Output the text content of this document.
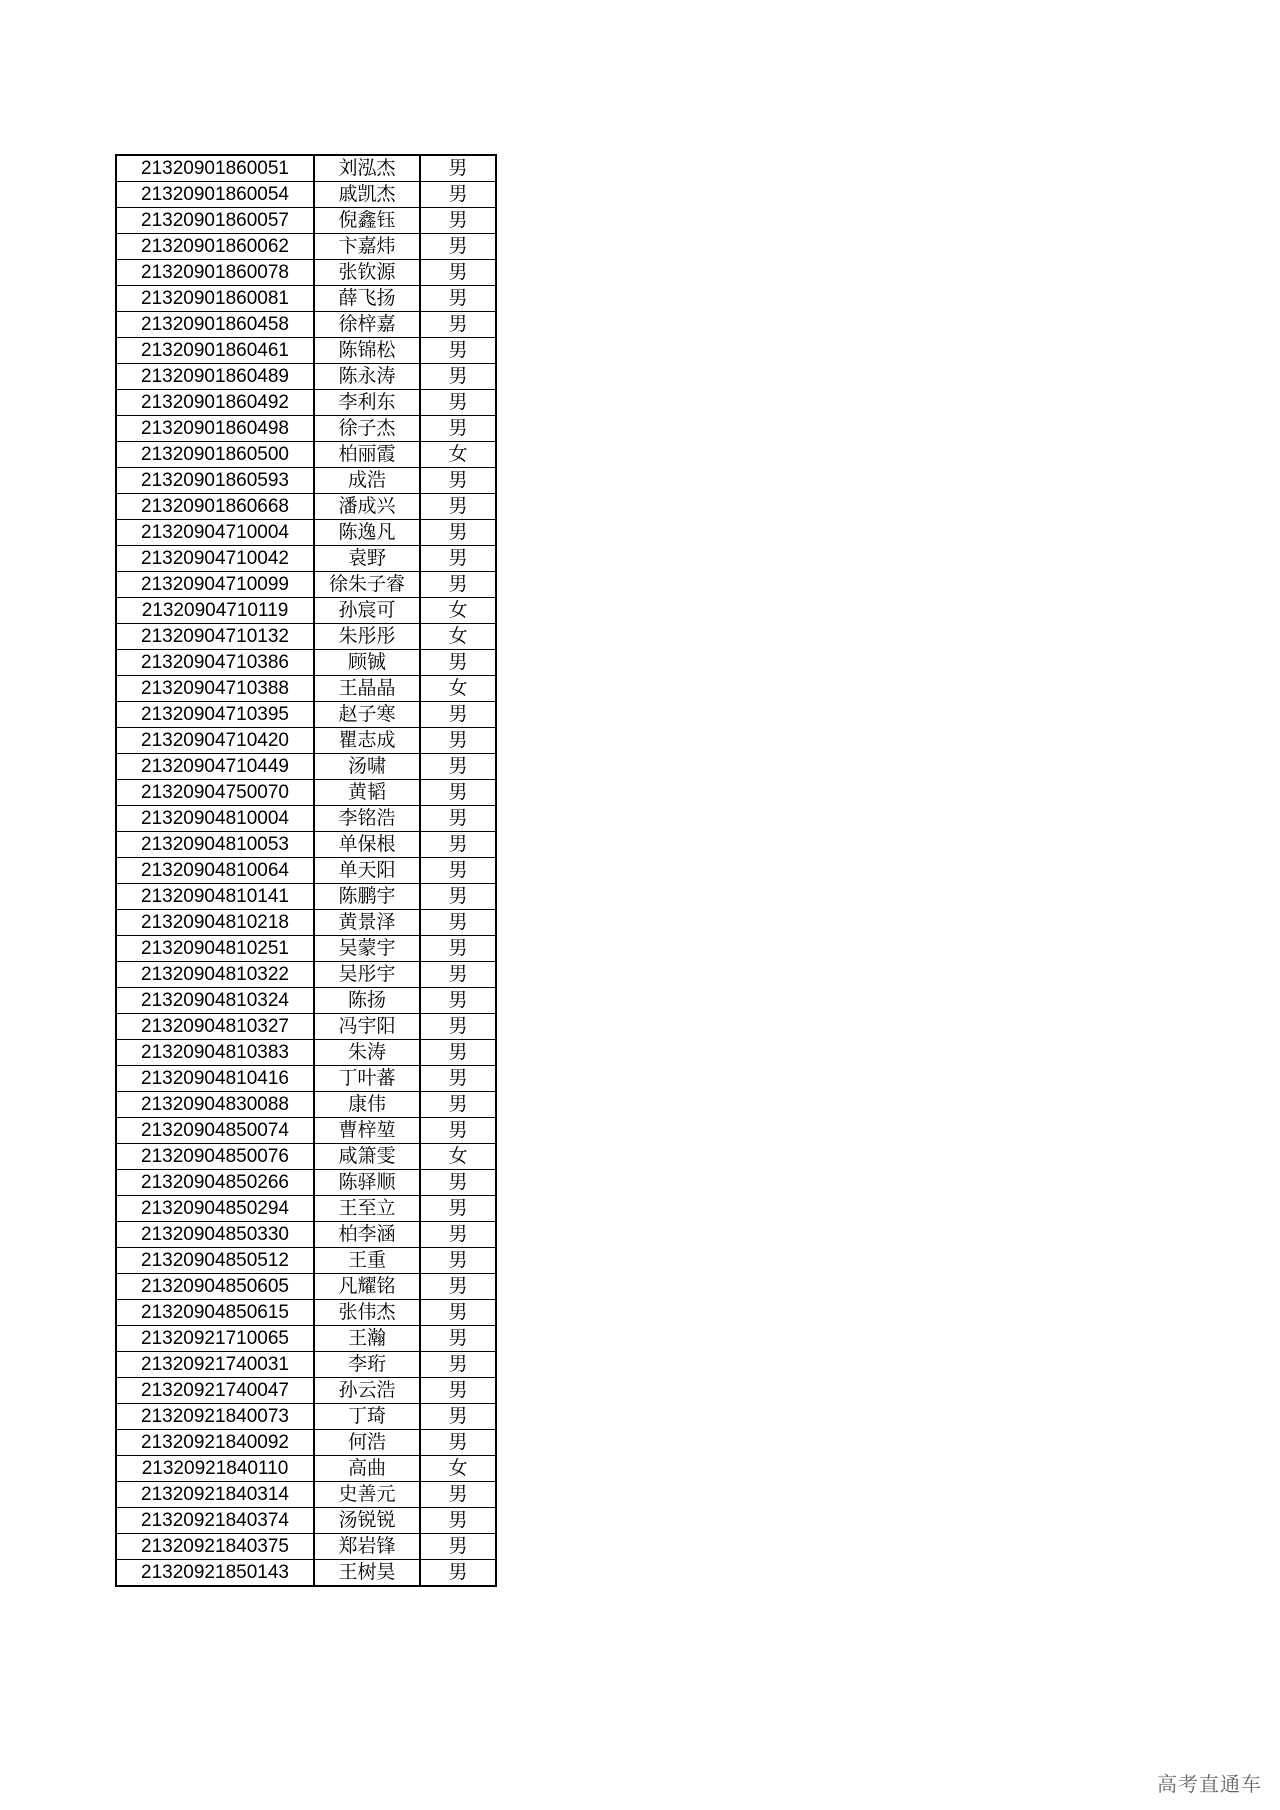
21320901860051	刘泓杰	男
21320901860054	戚凯杰	男
21320901860057	倪鑫钰	男
21320901860062	卞嘉炜	男
21320901860078	张钦源	男
21320901860081	薛飞扬	男
21320901860458	徐梓嘉	男
21320901860461	陈锦松	男
21320901860489	陈永涛	男
21320901860492	李利东	男
21320901860498	徐子杰	男
21320901860500	柏丽霞	女
21320901860593	成浩	男
21320901860668	潘成兴	男
21320904710004	陈逸凡	男
21320904710042	袁野	男
21320904710099	徐朱子睿	男
21320904710119	孙宸可	女
21320904710132	朱彤彤	女
21320904710386	顾铖	男
21320904710388	王晶晶	女
21320904710395	赵子寒	男
21320904710420	瞿志成	男
21320904710449	汤啸	男
21320904750070	黄韬	男
21320904810004	李铭浩	男
21320904810053	单保根	男
21320904810064	单天阳	男
21320904810141	陈鹏宇	男
21320904810218	黄景泽	男
21320904810251	吴蒙宇	男
21320904810322	吴彤宇	男
21320904810324	陈扬	男
21320904810327	冯宇阳	男
21320904810383	朱涛	男
21320904810416	丁叶蕃	男
21320904830088	康伟	男
21320904850074	曹梓堃	男
21320904850076	咸箫雯	女
21320904850266	陈驿顺	男
21320904850294	王至立	男
21320904850330	柏李涵	男
21320904850512	王重	男
21320904850605	凡耀铭	男
21320904850615	张伟杰	男
21320921710065	王瀚	男
21320921740031	李珩	男
21320921740047	孙云浩	男
21320921840073	丁琦	男
21320921840092	何浩	男
21320921840110	高曲	女
21320921840314	史善元	男
21320921840374	汤锐锐	男
21320921840375	郑岩锋	男
21320921850143	王树昊	男
高考直通车
